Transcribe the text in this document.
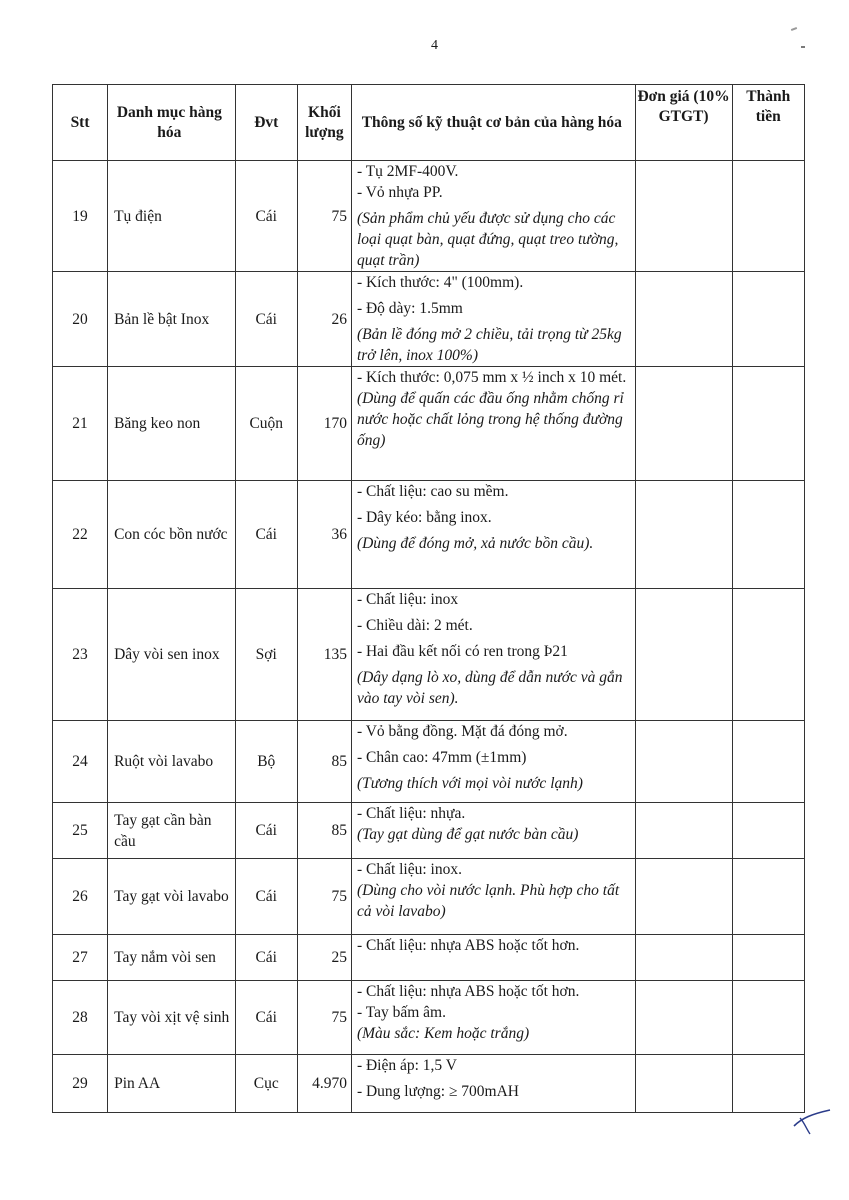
4
Stt	Danh mục hàng hóa	Đvt	Khối lượng	Thông số kỹ thuật cơ bản của hàng hóa	Đơn giá (10% GTGT)	Thành tiền
19	Tụ điện	Cái	75	- Tụ 2MF-400V.
- Vỏ nhựa PP.
(Sản phẩm chủ yếu được sử dụng cho các loại quạt bàn, quạt đứng, quạt treo tường, quạt trần)		

20	Bản lề bật Inox	Cái	26	- Kích thước: 4" (100mm).
- Độ dày: 1.5mm
(Bản lề đóng mở 2 chiều, tải trọng từ 25kg trở lên, inox 100%)		

21	Băng keo non	Cuộn	170	- Kích thước: 0,075 mm x ½ inch x 10 mét.
(Dùng để quấn các đầu ống nhằm chống rỉ nước hoặc chất lỏng trong hệ thống đường ống)		

22	Con cóc bồn nước	Cái	36	- Chất liệu: cao su mềm.
- Dây kéo: bằng inox.
(Dùng để đóng mở, xả nước bồn cầu).		

23	Dây vòi sen inox	Sợi	135	- Chất liệu: inox
- Chiều dài: 2 mét.
- Hai đầu kết nối có ren trong Þ21
(Dây dạng lò xo, dùng để dẫn nước và gắn vào tay vòi sen).		

24	Ruột vòi lavabo	Bộ	85	- Vỏ bằng đồng. Mặt đá đóng mở.
- Chân cao: 47mm (±1mm)
(Tương thích với mọi vòi nước lạnh)		

25	Tay gạt cần bàn cầu	Cái	85	- Chất liệu: nhựa.
(Tay gạt dùng để gạt nước bàn cầu)		

26	Tay gạt vòi lavabo	Cái	75	- Chất liệu: inox.
(Dùng cho vòi nước lạnh. Phù hợp cho tất cả vòi lavabo)		

27	Tay nắm vòi sen	Cái	25	- Chất liệu: nhựa ABS hoặc tốt hơn.		

28	Tay vòi xịt vệ sinh	Cái	75	- Chất liệu: nhựa ABS hoặc tốt hơn.
- Tay bấm âm.
(Màu sắc: Kem hoặc trắng)		

29	Pin AA	Cục	4.970	- Điện áp: 1,5 V
- Dung lượng: ≥ 700mAH		
